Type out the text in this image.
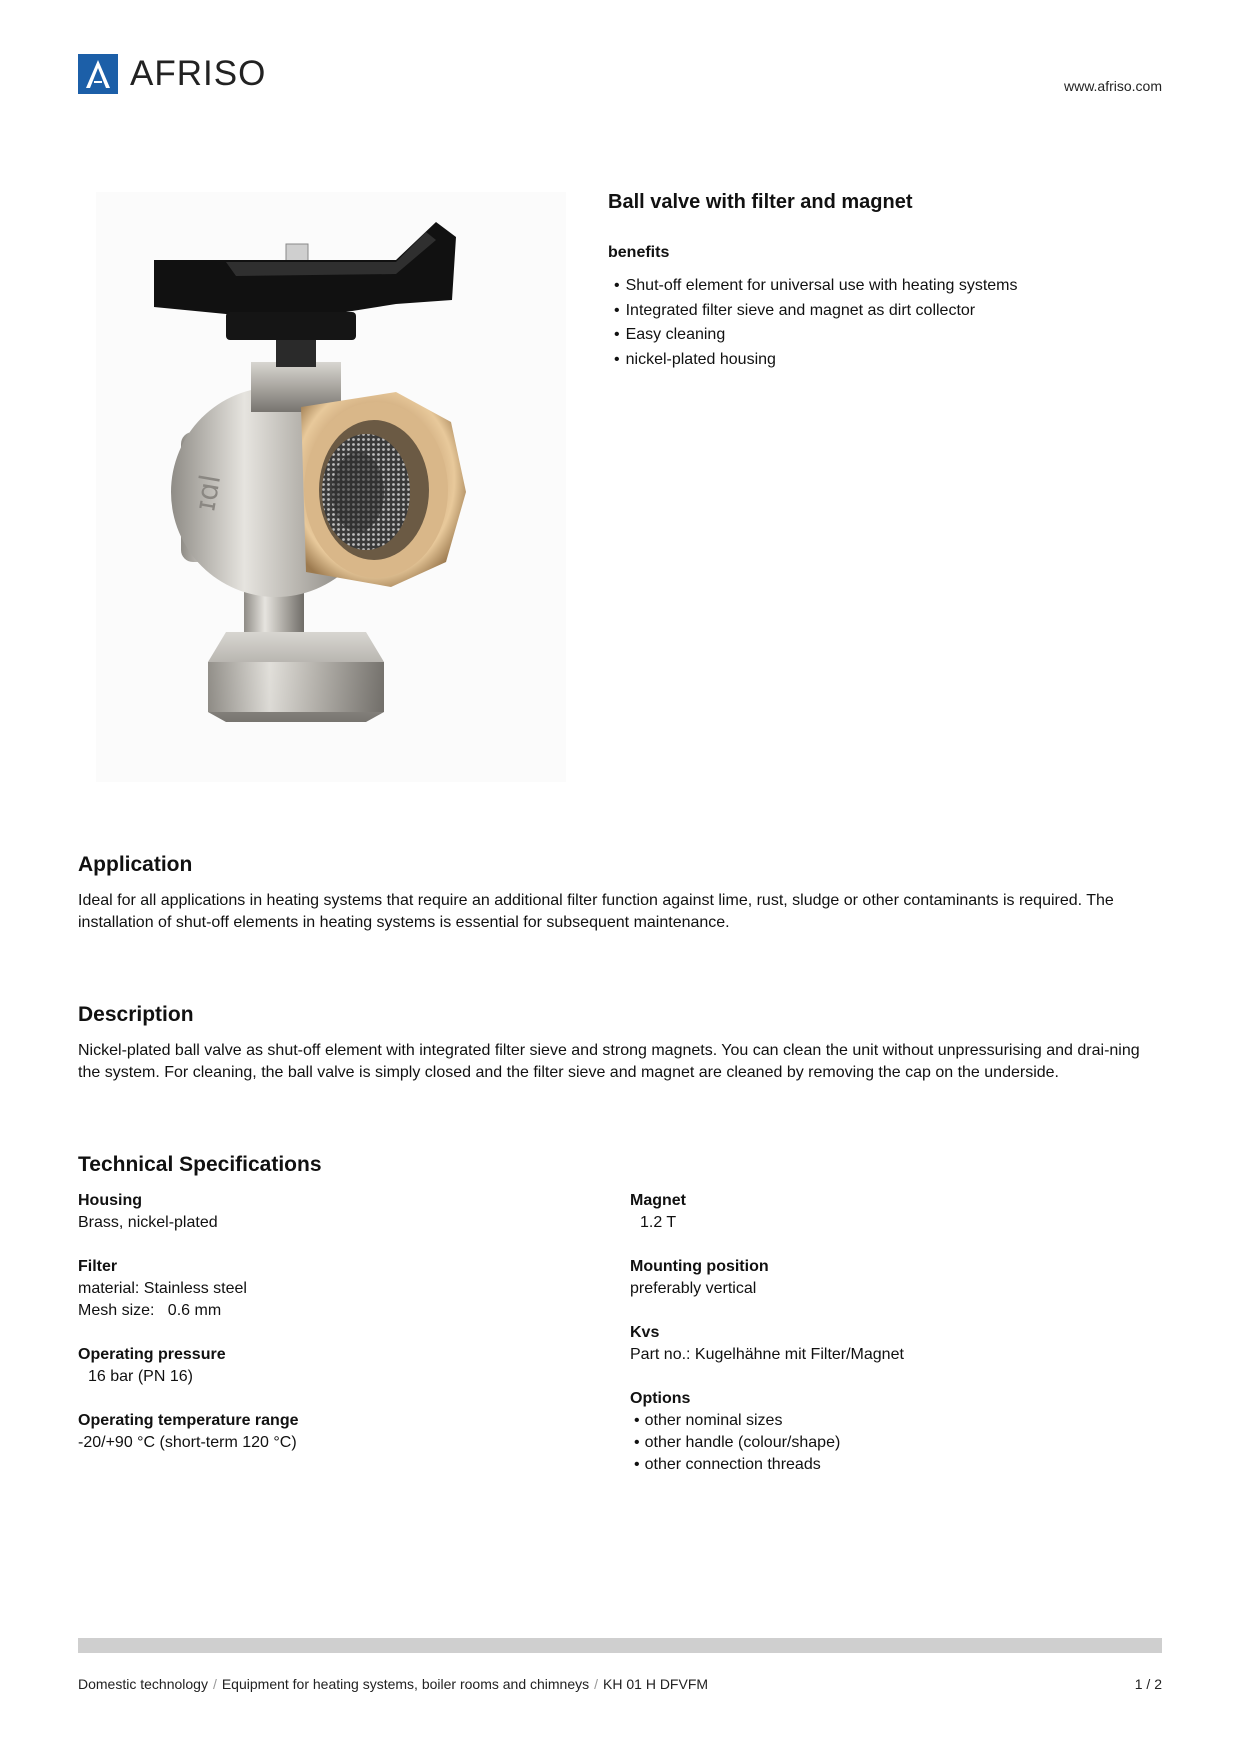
AFRISO	www.afriso.com
ɪɑl
Ball valve with filter and magnet
benefits
• Shut-off element for universal use with heating systems
• Integrated filter sieve and magnet as dirt collector
• Easy cleaning
• nickel-plated housing
Application

Ideal for all applications in heating systems that require an additional filter function against lime, rust, sludge or other contaminants is required. The installation of shut-off elements in heating systems is essential for subsequent maintenance.

Description

Nickel-plated ball valve as shut-off element with integrated filter sieve and strong magnets. You can clean the unit without unpressurising and drai-ning the system. For cleaning, the ball valve is simply closed and the filter sieve and magnet are cleaned by removing the cap on the underside.

Technical Specifications
Housing
Brass, nickel-plated
Filter
material: Stainless steel
Mesh size:   0.6 mm
Operating pressure
16 bar (PN 16)
Operating temperature range
-20/+90 °C (short-term 120 °C)
Magnet
1.2 T
Mounting position
preferably vertical
Kvs
Part no.: Kugelhähne mit Filter/Magnet
Options
• other nominal sizes
• other handle (colour/shape)
• other connection threads
Domestic technology / Equipment for heating systems, boiler rooms and chimneys / KH 01 H DFVFM	1 / 2
